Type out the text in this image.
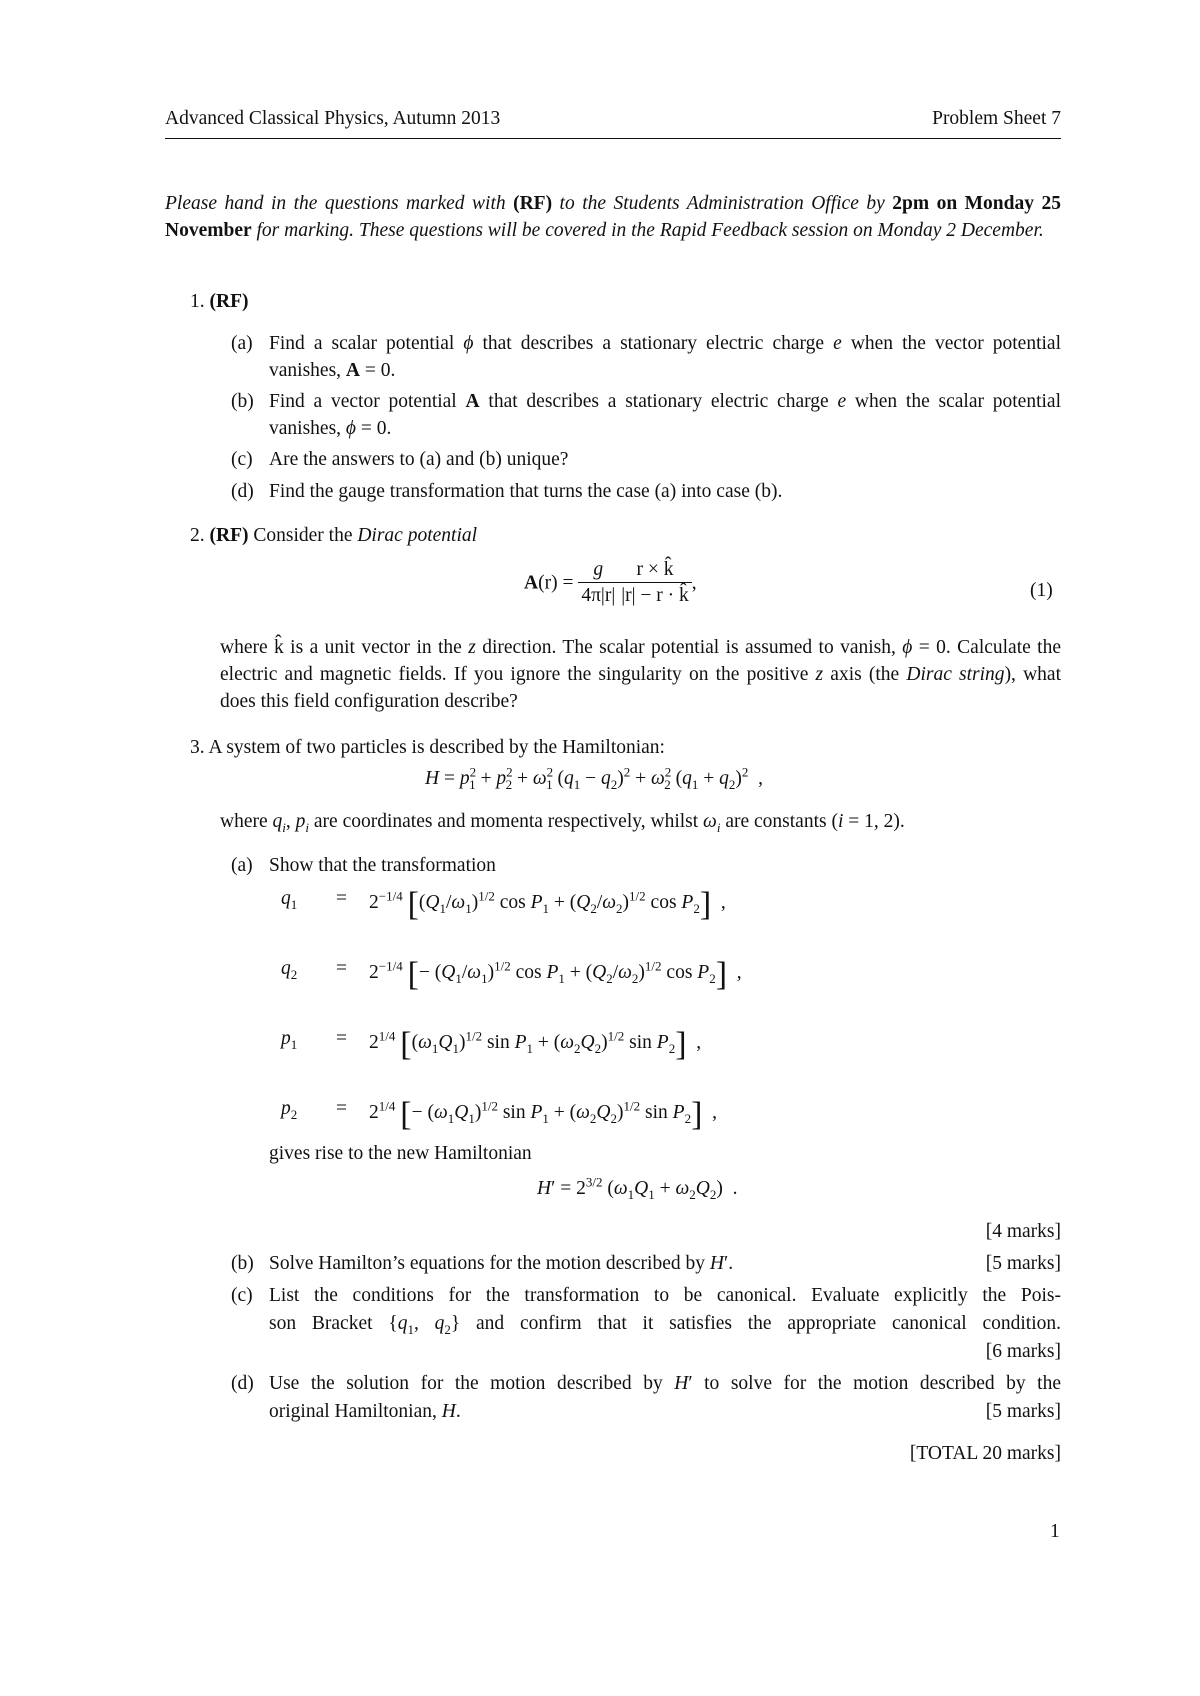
Advanced Classical Physics, Autumn 2013	Problem Sheet 7
Please hand in the questions marked with (RF) to the Students Administration Office by 2pm on Monday 25 November for marking. These questions will be covered in the Rapid Feedback session on Monday 2 December.
1. (RF)
(a) Find a scalar potential ϕ that describes a stationary electric charge e when the vector potential vanishes, A = 0.
(b) Find a vector potential A that describes a stationary electric charge e when the scalar potential vanishes, ϕ = 0.
(c) Are the answers to (a) and (b) unique?
(d) Find the gauge transformation that turns the case (a) into case (b).
2. (RF) Consider the Dirac potential
$A(r) = \frac{g}{4\pi|r|} \frac{r \times k̂}{|r| - r \cdot k̂}$ ,	(1)
where k̂ is a unit vector in the z direction. The scalar potential is assumed to vanish, ϕ = 0. Calculate the electric and magnetic fields. If you ignore the singularity on the positive z axis (the Dirac string), what does this field configuration describe?
3. A system of two particles is described by the Hamiltonian:
$H = p^2_1 + p^2_2 + \omega^2_1$ $(q_1 - q_2)^2 + \omega^2_2$ $(q_1 + q_2)^2$  ,
where $q_i$, $p_i$ are coordinates and momenta respectively, whilst $\omega_i$ are constants (i = 1, 2).
(a) Show that the transformation
$q_1 = 2^{-1/4}$ [$(Q_1/\omega_1)^{1/2}$ $\cos P_1 + (Q_2/\omega_2)^{1/2}$ $\cos P_2$]  ,
$q_2 = 2^{-1/4}$ [− $(Q_1/\omega_1)^{1/2}$ $\cos P_1 + (Q_2/\omega_2)^{1/2}$ $\cos P_2$]  ,
$p_1 = 2^{1/4}$ [$(\omega_1Q_1)^{1/2}$ $\sin P_1 + (\omega_2Q_2)^{1/2}$ $\sin P_2$]  ,
$p_2 = 2^{1/4}$ [− $(\omega_1Q_1)^{1/2}$ $\sin P_1 + (\omega_2Q_2)^{1/2}$ $\sin P_2$]  ,
gives rise to the new Hamiltonian
$H' = 2^{3/2}$ $(\omega_1Q_1 + \omega_2Q_2)$  .
[4 marks]
(b) Solve Hamilton’s equations for the motion described by H′.	[5 marks]
(c) List the conditions for the transformation to be canonical. Evaluate explicitly the Pois-
son Bracket {$q_1$, $q_2$} and confirm that it satisfies the appropriate canonical condition.
[6 marks]
(d) Use the solution for the motion described by H′ to solve for the motion described by the
original Hamiltonian, H.	[5 marks]
[TOTAL 20 marks]
1
